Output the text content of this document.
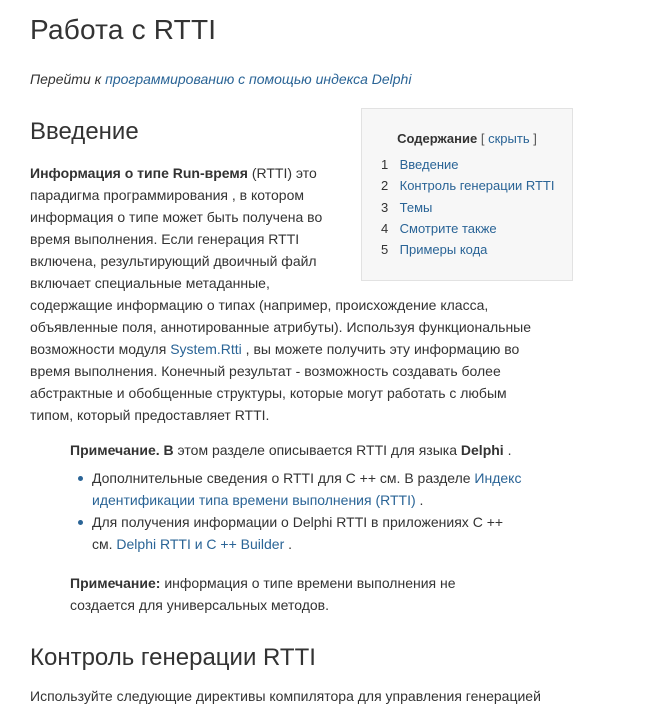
Работа с RTTI
Перейти к программированию с помощью индекса Delphi
Введение	Содержание [ скрыть ]
1 Введение
2 Контроль генерации RTTI
3 Темы
4 Смотрите также
5 Примеры кода
Информация о типе Run-время (RTTI) это
парадигма программирования , в котором
информация о типе может быть получена во
время выполнения. Если генерация RTTI
включена, результирующий двоичный файл
включает специальные метаданные,
содержащие информацию о типах (например, происхождение класса,
объявленные поля, аннотированные атрибуты). Используя функциональные
возможности модуля System.Rtti , вы можете получить эту информацию во
время выполнения. Конечный результат - возможность создавать более
абстрактные и обобщенные структуры, которые могут работать с любым
типом, который предоставляет RTTI.
Примечание. В этом разделе описывается RTTI для языка Delphi .
Дополнительные сведения о RTTI для C ++ см. В разделе Индекс
идентификации типа времени выполнения (RTTI) .
Для получения информации о Delphi RTTI в приложениях C ++
см. Delphi RTTI и C ++ Builder .
Примечание: информация о типе времени выполнения не
создается для универсальных методов.
Контроль генерации RTTI
Используйте следующие директивы компилятора для управления генерацией
